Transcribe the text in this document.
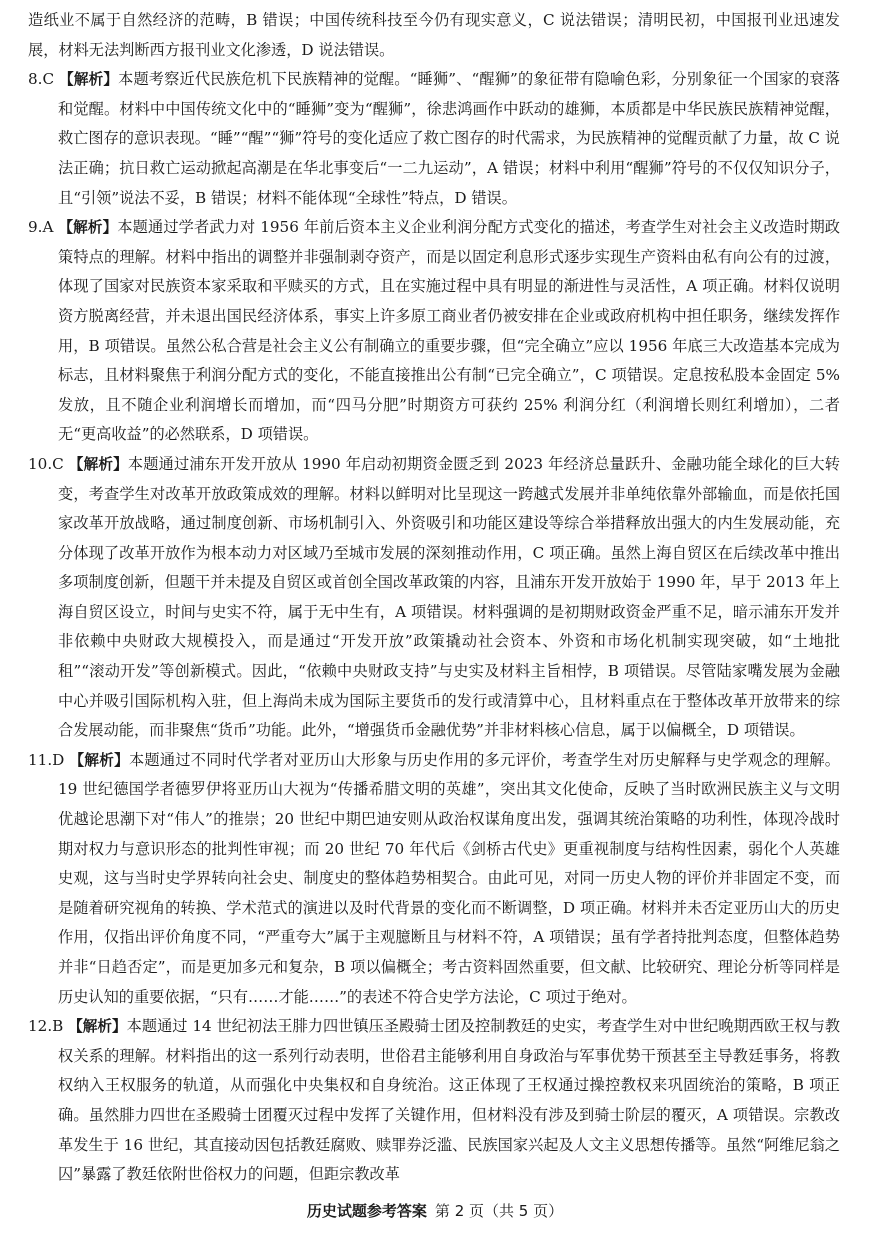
造纸业不属于自然经济的范畴，B 错误；中国传统科技至今仍有现实意义，C 说法错误；清明民初，中国报刊业迅速发展，材料无法判断西方报刊业文化渗透，D 说法错误。

8.C 【解析】本题考察近代民族危机下民族精神的觉醒。“睡狮”、“醒狮”的象征带有隐喻色彩，分别象征一个国家的衰落和觉醒。材料中中国传统文化中的“睡狮”变为“醒狮”，徐悲鸿画作中跃动的雄狮，本质都是中华民族民族精神觉醒，救亡图存的意识表现。“睡”“醒”“狮”符号的变化适应了救亡图存的时代需求，为民族精神的觉醒贡献了力量，故 C 说法正确；抗日救亡运动掀起高潮是在华北事变后“一二九运动”，A 错误；材料中利用“醒狮”符号的不仅仅知识分子，且“引领”说法不妥，B 错误；材料不能体现“全球性”特点，D 错误。

9.A 【解析】本题通过学者武力对 1956 年前后资本主义企业利润分配方式变化的描述，考查学生对社会主义改造时期政策特点的理解。材料中指出的调整并非强制剥夺资产，而是以固定利息形式逐步实现生产资料由私有向公有的过渡，体现了国家对民族资本家采取和平赎买的方式，且在实施过程中具有明显的渐进性与灵活性，A 项正确。材料仅说明资方脱离经营，并未退出国民经济体系，事实上许多原工商业者仍被安排在企业或政府机构中担任职务，继续发挥作用，B 项错误。虽然公私合营是社会主义公有制确立的重要步骤，但“完全确立”应以 1956 年底三大改造基本完成为标志，且材料聚焦于利润分配方式的变化，不能直接推出公有制“已完全确立”，C 项错误。定息按私股本金固定 5% 发放，且不随企业利润增长而增加，而“四马分肥”时期资方可获约 25% 利润分红（利润增长则红利增加），二者无“更高收益”的必然联系，D 项错误。

10.C 【解析】本题通过浦东开发开放从 1990 年启动初期资金匮乏到 2023 年经济总量跃升、金融功能全球化的巨大转变，考查学生对改革开放政策成效的理解。材料以鲜明对比呈现这一跨越式发展并非单纯依靠外部输血，而是依托国家改革开放战略，通过制度创新、市场机制引入、外资吸引和功能区建设等综合举措释放出强大的内生发展动能，充分体现了改革开放作为根本动力对区域乃至城市发展的深刻推动作用，C 项正确。虽然上海自贸区在后续改革中推出多项制度创新，但题干并未提及自贸区或首创全国改革政策的内容，且浦东开发开放始于 1990 年，早于 2013 年上海自贸区设立，时间与史实不符，属于无中生有，A 项错误。材料强调的是初期财政资金严重不足，暗示浦东开发并非依赖中央财政大规模投入，而是通过“开发开放”政策撬动社会资本、外资和市场化机制实现突破，如“土地批租”“滚动开发”等创新模式。因此，“依赖中央财政支持”与史实及材料主旨相悖，B 项错误。尽管陆家嘴发展为金融中心并吸引国际机构入驻，但上海尚未成为国际主要货币的发行或清算中心，且材料重点在于整体改革开放带来的综合发展动能，而非聚焦“货币”功能。此外，“增强货币金融优势”并非材料核心信息，属于以偏概全，D 项错误。

11.D 【解析】本题通过不同时代学者对亚历山大形象与历史作用的多元评价，考查学生对历史解释与史学观念的理解。19 世纪德国学者德罗伊将亚历山大视为“传播希腊文明的英雄”，突出其文化使命，反映了当时欧洲民族主义与文明优越论思潮下对“伟人”的推崇；20 世纪中期巴迪安则从政治权谋角度出发，强调其统治策略的功利性，体现冷战时期对权力与意识形态的批判性审视；而 20 世纪 70 年代后《剑桥古代史》更重视制度与结构性因素，弱化个人英雄史观，这与当时史学界转向社会史、制度史的整体趋势相契合。由此可见，对同一历史人物的评价并非固定不变，而是随着研究视角的转换、学术范式的演进以及时代背景的变化而不断调整，D 项正确。材料并未否定亚历山大的历史作用，仅指出评价角度不同，“严重夸大”属于主观臆断且与材料不符，A 项错误；虽有学者持批判态度，但整体趋势并非“日趋否定”，而是更加多元和复杂，B 项以偏概全；考古资料固然重要，但文献、比较研究、理论分析等同样是历史认知的重要依据，“只有……才能……”的表述不符合史学方法论，C 项过于绝对。

12.B 【解析】本题通过 14 世纪初法王腓力四世镇压圣殿骑士团及控制教廷的史实，考查学生对中世纪晚期西欧王权与教权关系的理解。材料指出的这一系列行动表明，世俗君主能够利用自身政治与军事优势干预甚至主导教廷事务，将教权纳入王权服务的轨道，从而强化中央集权和自身统治。这正体现了王权通过操控教权来巩固统治的策略，B 项正确。虽然腓力四世在圣殿骑士团覆灭过程中发挥了关键作用，但材料没有涉及到骑士阶层的覆灭，A 项错误。宗教改革发生于 16 世纪，其直接动因包括教廷腐败、赎罪券泛滥、民族国家兴起及人文主义思想传播等。虽然“阿维尼翁之囚”暴露了教廷依附世俗权力的问题，但距宗教改革

历史试题参考答案 第 2 页（共 5 页）
